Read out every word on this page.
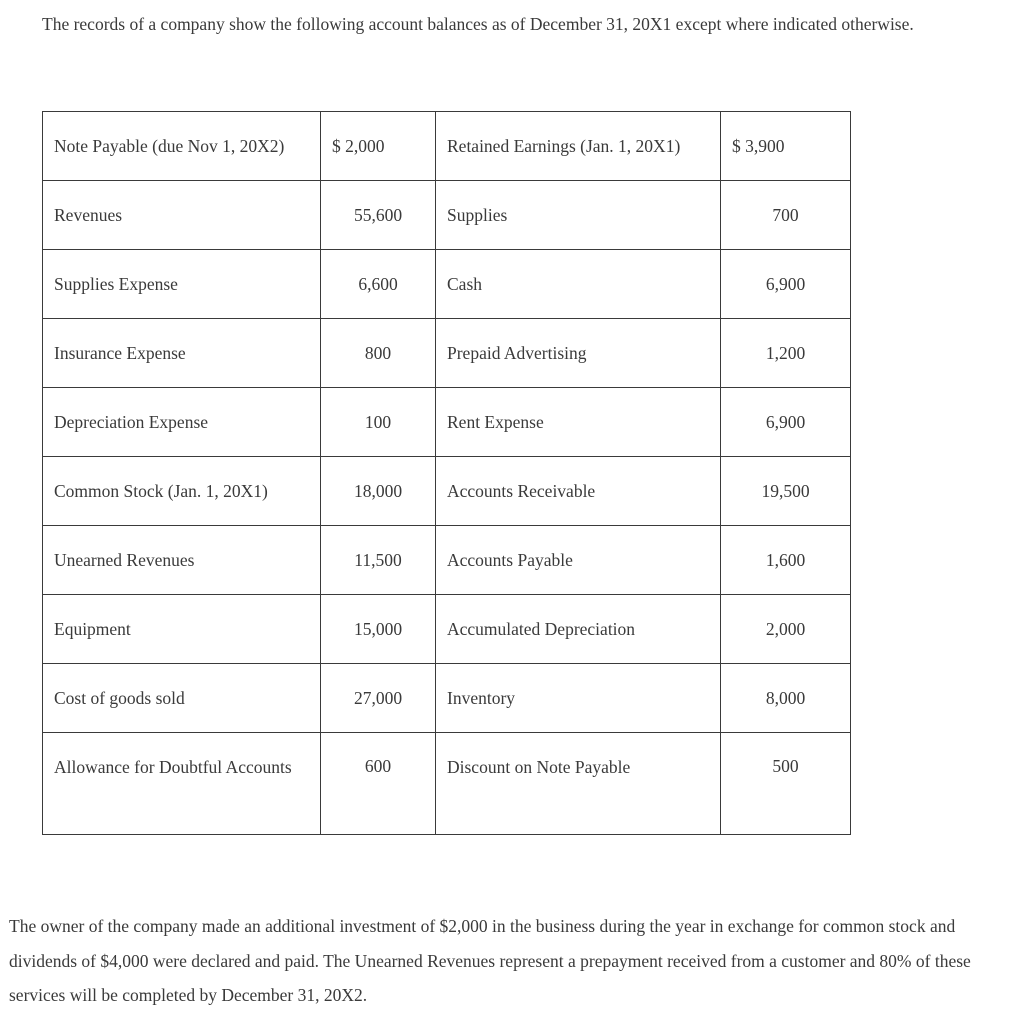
The records of a company show the following account balances as of December 31, 20X1 except where indicated otherwise.

Note Payable (due Nov 1, 20X2)	$ 2,000	Retained Earnings (Jan. 1, 20X1)	$ 3,900
Revenues	55,600	Supplies	700
Supplies Expense	6,600	Cash	6,900
Insurance Expense	800	Prepaid Advertising	1,200
Depreciation Expense	100	Rent Expense	6,900
Common Stock (Jan. 1, 20X1)	18,000	Accounts Receivable	19,500
Unearned Revenues	11,500	Accounts Payable	1,600
Equipment	15,000	Accumulated Depreciation	2,000
Cost of goods sold	27,000	Inventory	8,000
Allowance for Doubtful Accounts	600	Discount on Note Payable	500

The owner of the company made an additional investment of $2,000 in the business during the year in exchange for common stock and dividends of $4,000 were declared and paid. The Unearned Revenues represent a prepayment received from a customer and 80% of these services will be completed by December 31, 20X2.
